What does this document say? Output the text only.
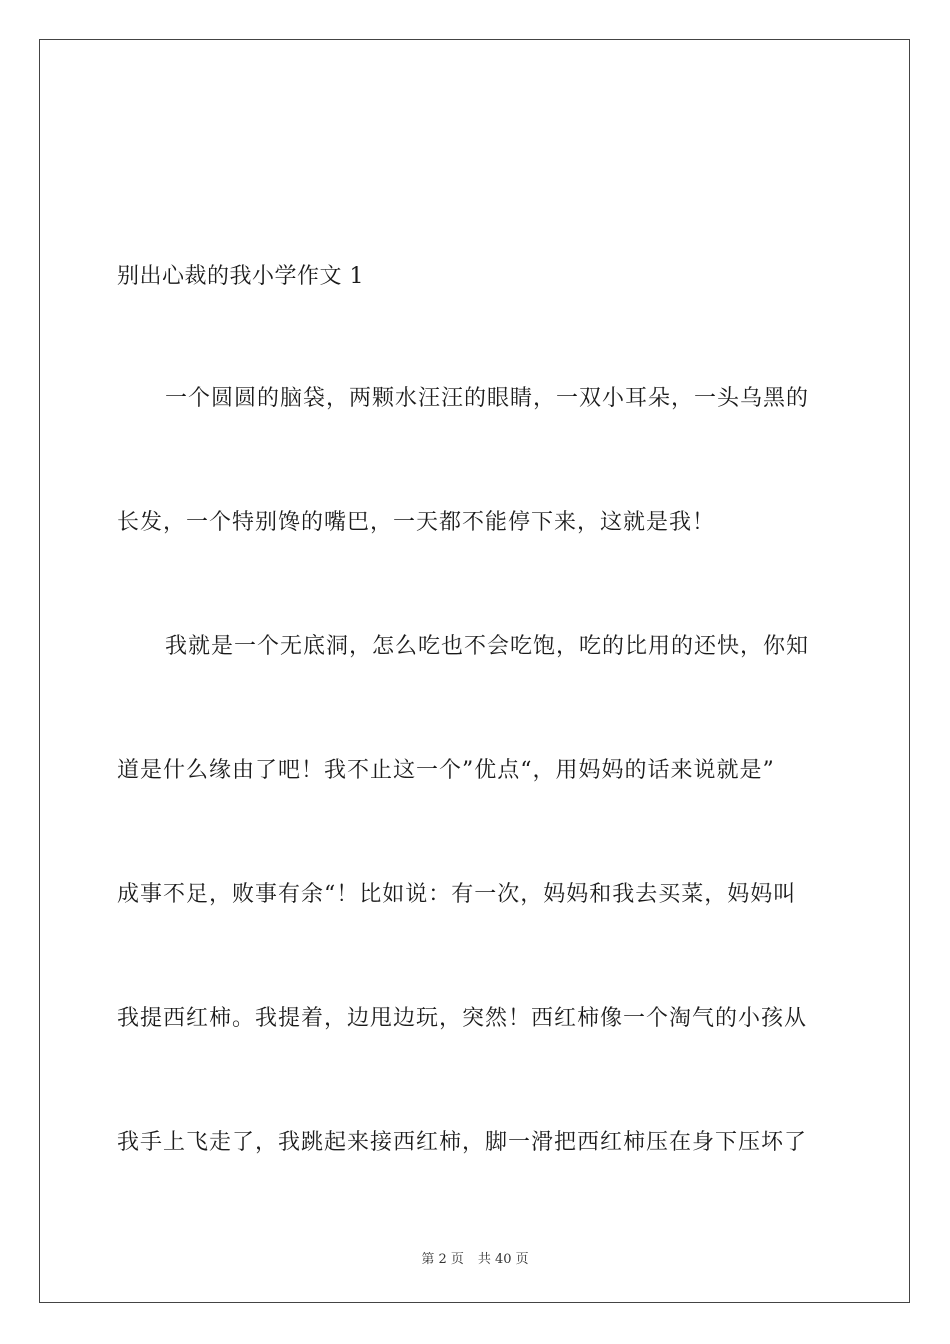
别出心裁的我小学作文 1
一个圆圆的脑袋，两颗水汪汪的眼睛，一双小耳朵，一头乌黑的
长发，一个特别馋的嘴巴，一天都不能停下来，这就是我！
我就是一个无底洞，怎么吃也不会吃饱，吃的比用的还快，你知
道是什么缘由了吧！我不止这一个”优点“，用妈妈的话来说就是”
成事不足，败事有余“！比如说：有一次，妈妈和我去买菜，妈妈叫
我提西红柿。我提着，边甩边玩，突然！西红柿像一个淘气的小孩从
我手上飞走了，我跳起来接西红柿，脚一滑把西红柿压在身下压坏了
第 2 页 共 40 页
